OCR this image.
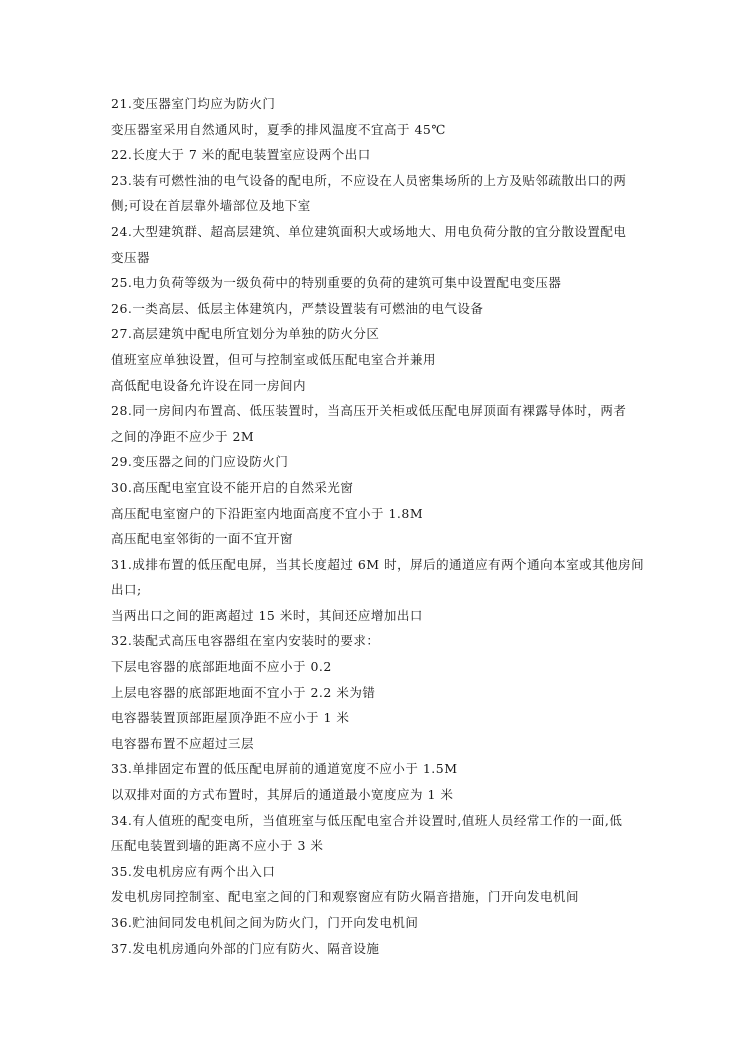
21.变压器室门均应为防火门
变压器室采用自然通风时，夏季的排风温度不宜高于 45℃
22.长度大于 7 米的配电装置室应设两个出口
23.装有可燃性油的电气设备的配电所，不应设在人员密集场所的上方及贴邻疏散出口的两
侧;可设在首层靠外墙部位及地下室
24.大型建筑群、超高层建筑、单位建筑面积大或场地大、用电负荷分散的宜分散设置配电
变压器
25.电力负荷等级为一级负荷中的特别重要的负荷的建筑可集中设置配电变压器
26.一类高层、低层主体建筑内，严禁设置装有可燃油的电气设备
27.高层建筑中配电所宜划分为单独的防火分区
值班室应单独设置，但可与控制室或低压配电室合并兼用
高低配电设备允许设在同一房间内
28.同一房间内布置高、低压装置时，当高压开关柜或低压配电屏顶面有裸露导体时，两者
之间的净距不应少于 2M
29.变压器之间的门应设防火门
30.高压配电室宜设不能开启的自然采光窗
高压配电室窗户的下沿距室内地面高度不宜小于 1.8M
高压配电室邻街的一面不宜开窗
31.成排布置的低压配电屏，当其长度超过 6M 时，屏后的通道应有两个通向本室或其他房间
出口;
当两出口之间的距离超过 15 米时，其间还应增加出口
32.装配式高压电容器组在室内安装时的要求：
下层电容器的底部距地面不应小于 0.2
上层电容器的底部距地面不宜小于 2.2 米为错
电容器装置顶部距屋顶净距不应小于 1 米
电容器布置不应超过三层
33.单排固定布置的低压配电屏前的通道宽度不应小于 1.5M
以双排对面的方式布置时，其屏后的通道最小宽度应为 1 米
34.有人值班的配变电所，当值班室与低压配电室合并设置时,值班人员经常工作的一面,低
压配电装置到墙的距离不应小于 3 米
35.发电机房应有两个出入口
发电机房同控制室、配电室之间的门和观察窗应有防火隔音措施，门开向发电机间
36.贮油间同发电机间之间为防火门，门开向发电机间
37.发电机房通向外部的门应有防火、隔音设施
